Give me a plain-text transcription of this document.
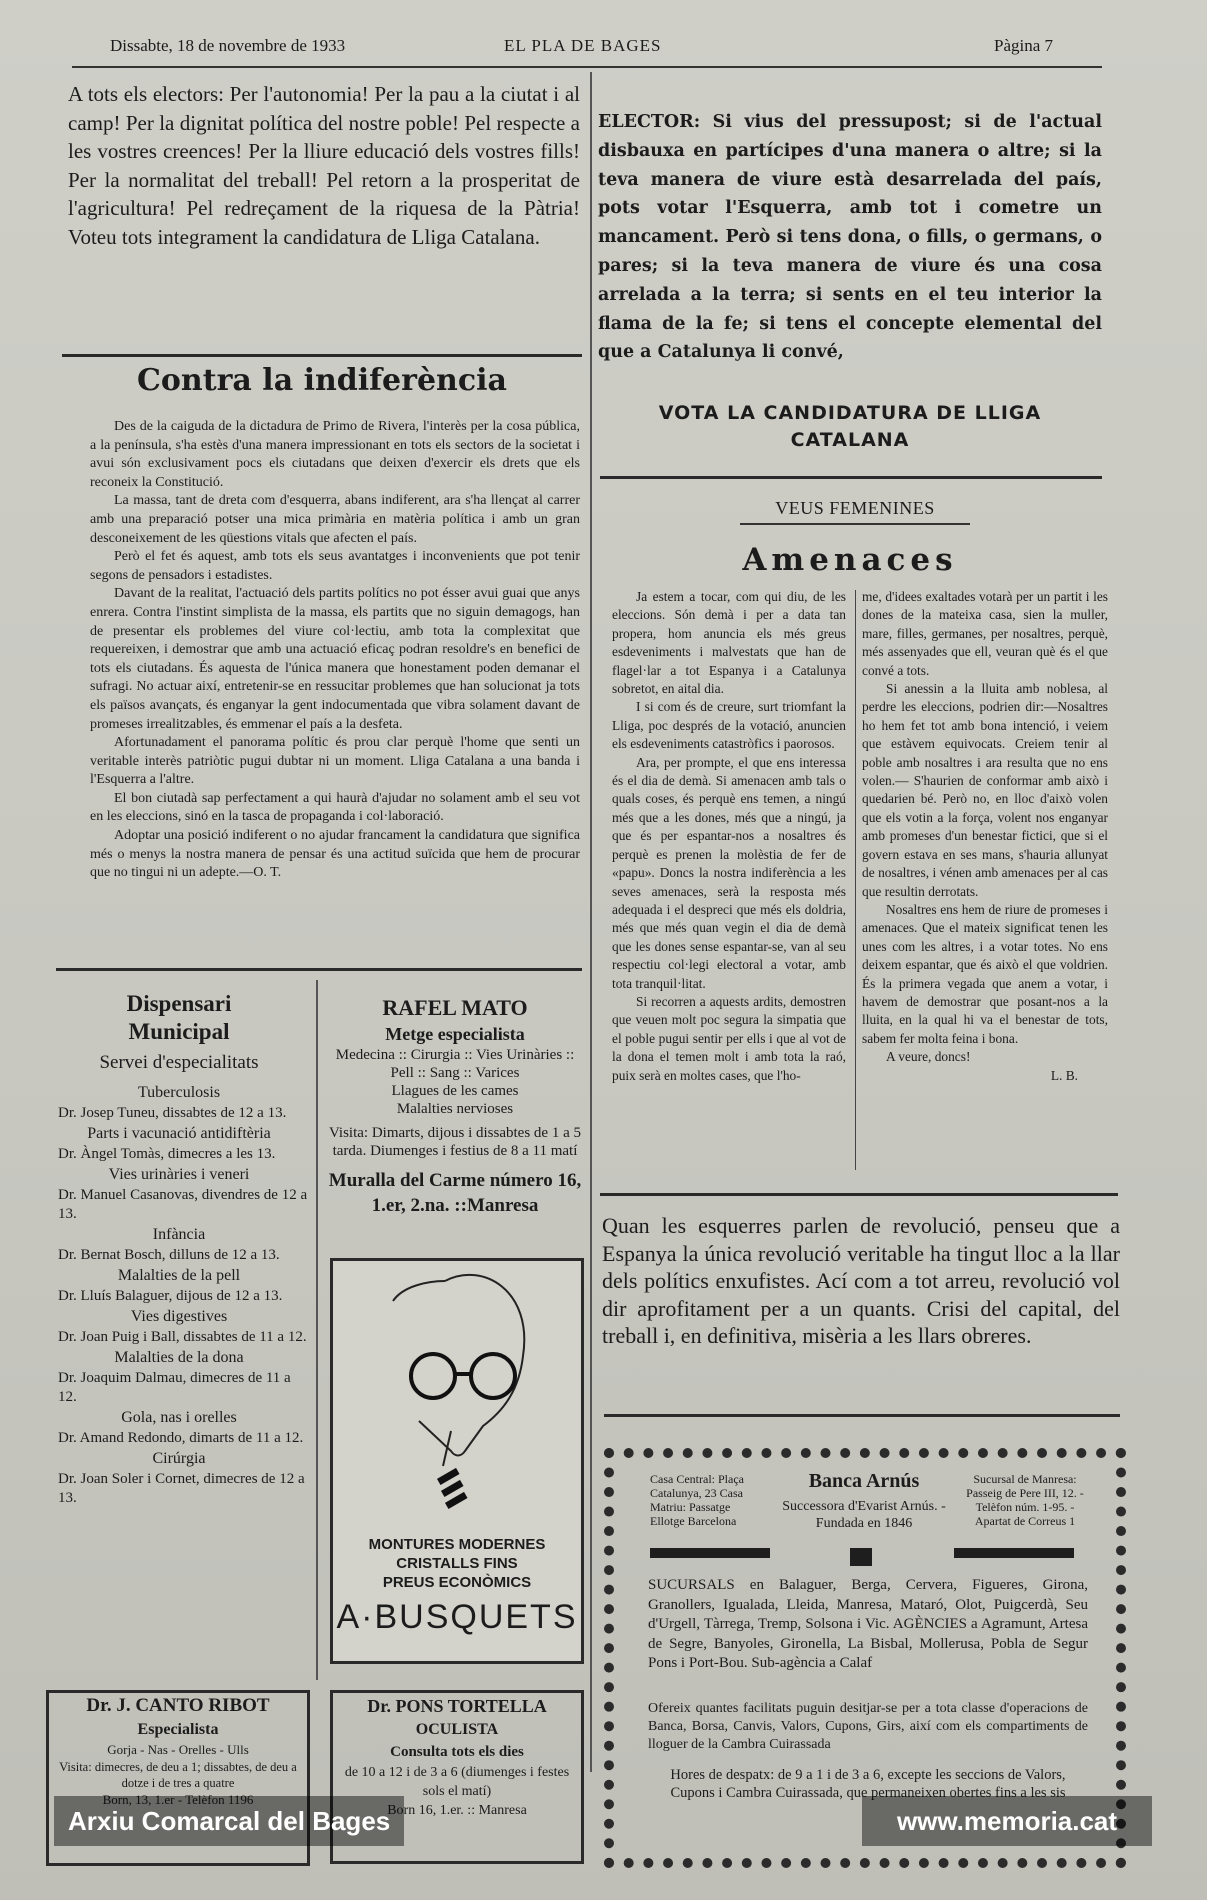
Dissabte, 18 de novembre de 1933	EL PLA DE BAGES	Pàgina 7
A tots els electors: Per l'autonomia! Per la pau a la ciutat i al camp! Per la dignitat política del nostre poble! Pel respecte a les vostres creences! Per la lliure educació dels vostres fills! Per la normalitat del treball! Pel retorn a la prosperitat de l'agricultura! Pel redreçament de la riquesa de la Pàtria! Voteu tots integrament la candidatura de Lliga Catalana.
ELECTOR: Si vius del pressupost; si de l'actual disbauxa en partícipes d'una manera o altre; si la teva manera de viure està desarrelada del país, pots votar l'Esquerra, amb tot i cometre un mancament. Però si tens dona, o fills, o germans, o pares; si la teva manera de viure és una cosa arrelada a la terra; si sents en el teu interior la flama de la fe; si tens el concepte elemental del que a Catalunya li convé,
VOTA LA CANDIDATURA DE LLIGA CATALANA
Contra la indiferència

Des de la caiguda de la dictadura de Primo de Rivera, l'interès per la cosa pública, a la península, s'ha estès d'una manera impressionant en tots els sectors de la societat i avui són exclusivament pocs els ciutadans que deixen d'exercir els drets que els reconeix la Constitució.

La massa, tant de dreta com d'esquerra, abans indiferent, ara s'ha llençat al carrer amb una preparació potser una mica primària en matèria política i amb un gran desconeixement de les qüestions vitals que afecten el país.

Però el fet és aquest, amb tots els seus avantatges i inconvenients que pot tenir segons de pensadors i estadistes.

Davant de la realitat, l'actuació dels partits polítics no pot ésser avui guai que anys enrera. Contra l'instint simplista de la massa, els partits que no siguin demagogs, han de presentar els problemes del viure col·lectiu, amb tota la complexitat que requereixen, i demostrar que amb una actuació eficaç podran resoldre's en benefici de tots els ciutadans. És aquesta de l'única manera que honestament poden demanar el sufragi. No actuar així, entretenir-se en ressucitar problemes que han solucionat ja tots els països avançats, és enganyar la gent indocumentada que vibra solament davant de promeses irrealitzables, és emmenar el país a la desfeta.

Afortunadament el panorama polític és prou clar perquè l'home que senti un veritable interès patriòtic pugui dubtar ni un moment. Lliga Catalana a una banda i l'Esquerra a l'altre.

El bon ciutadà sap perfectament a qui haurà d'ajudar no solament amb el seu vot en les eleccions, sinó en la tasca de propaganda i col·laboració.

Adoptar una posició indiferent o no ajudar francament la candidatura que significa més o menys la nostra manera de pensar és una actitud suïcida que hem de procurar que no tingui ni un adepte.—O. T.

VEUS FEMENINES
Amenaces

Ja estem a tocar, com qui diu, de les eleccions. Són demà i per a data tan propera, hom anuncia els més greus esdeveniments i malvestats que han de flagel·lar a tot Espanya i a Catalunya sobretot, en aital dia.

I si com és de creure, surt triomfant la Lliga, poc després de la votació, anuncien els esdeveniments catastròfics i paorosos.

Ara, per prompte, el que ens interessa és el dia de demà. Si amenacen amb tals o quals coses, és perquè ens temen, a ningú més que a les dones, més que a ningú, ja que és per espantar-nos a nosaltres és perquè es prenen la molèstia de fer de «papu». Doncs la nostra indiferència a les seves amenaces, serà la resposta més adequada i el despreci que més els doldria, més que més quan vegin el dia de demà que les dones sense espantar-se, van al seu respectiu col·legi electoral a votar, amb tota tranquil·litat.

Si recorren a aquests ardits, demostren que veuen molt poc segura la simpatia que el poble pugui sentir per ells i que al vot de la dona el temen molt i amb tota la raó, puix serà en moltes cases, que l'ho-

me, d'idees exaltades votarà per un partit i les dones de la mateixa casa, sien la muller, mare, filles, germanes, per nosaltres, perquè, més assenyades que ell, veuran què és el que convé a tots.

Si anessin a la lluita amb noblesa, al perdre les eleccions, podrien dir:—Nosaltres ho hem fet tot amb bona intenció, i veiem que estàvem equivocats. Creiem tenir al poble amb nosaltres i ara resulta que no ens volen.— S'haurien de conformar amb això i quedarien bé. Però no, en lloc d'això volen que els votin a la força, volent nos enganyar amb promeses d'un benestar fictici, que si el govern estava en ses mans, s'hauria allunyat de nosaltres, i vénen amb amenaces per al cas que resultin derrotats.

Nosaltres ens hem de riure de promeses i amenaces. Que el mateix significat tenen les unes com les altres, i a votar totes. No ens deixem espantar, que és això el que voldrien. És la primera vegada que anem a votar, i havem de demostrar que posant-nos a la lluita, en la qual hi va el benestar de tots, sabem fer molta feina i bona.

A veure, doncs!

L. B.

Quan les esquerres parlen de revolució, penseu que a Espanya la única revolució veritable ha tingut lloc a la llar dels polítics enxufistes. Ací com a tot arreu, revolució vol dir aprofitament per a un quants. Crisi del capital, del treball i, en definitiva, misèria a les llars obreres.
Dispensari
Municipal
Servei d'especialitats
Tuberculosis
Dr. Josep Tuneu, dissabtes de 12 a 13.
Parts i vacunació antidiftèria
Dr. Àngel Tomàs, dimecres a les 13.
Vies urinàries i veneri
Dr. Manuel Casanovas, divendres de 12 a 13.
Infància
Dr. Bernat Bosch, dilluns de 12 a 13.
Malalties de la pell
Dr. Lluís Balaguer, dijous de 12 a 13.
Vies digestives
Dr. Joan Puig i Ball, dissabtes de 11 a 12.
Malalties de la dona
Dr. Joaquim Dalmau, dimecres de 11 a 12.
Gola, nas i orelles
Dr. Amand Redondo, dimarts de 11 a 12.
Cirúrgia
Dr. Joan Soler i Cornet, dimecres de 12 a 13.
RAFEL MATO
Metge especialista
Medecina :: Cirurgia :: Vies Urinàries :: Pell :: Sang :: Varices
Llagues de les cames
Malalties nervioses
Visita: Dimarts, dijous i dissabtes de 1 a 5 tarda. Diumenges i festius de 8 a 11 matí
Muralla del Carme número 16, 1.er, 2.na. ::Manresa
MONTURES MODERNES
CRISTALLS FINS
PREUS ECONÒMICS
A·BUSQUETS
Dr. J. CANTO RIBOT
Especialista
Gorja - Nas - Orelles - Ulls
Visita: dimecres, de deu a 1; dissabtes, de deu a dotze i de tres a quatre
Born, 13, 1.er - Telèfon 1196
Dr. PONS TORTELLA
OCULISTA
Consulta tots els dies
de 10 a 12 i de 3 a 6 (diumenges i festes sols el matí)
Born 16, 1.er. :: Manresa
Casa Central: Plaça Catalunya, 23 Casa Matriu: Passatge Ellotge Barcelona
Banca Arnús
Successora d'Evarist Arnús. - Fundada en 1846
Sucursal de Manresa: Passeig de Pere III, 12. - Telèfon núm. 1-95. - Apartat de Correus 1
SUCURSALS en Balaguer, Berga, Cervera, Figueres, Girona, Granollers, Igualada, Lleida, Manresa, Mataró, Olot, Puigcerdà, Seu d'Urgell, Tàrrega, Tremp, Solsona i Vic. AGÈNCIES a Agramunt, Artesa de Segre, Banyoles, Gironella, La Bisbal, Mollerusa, Pobla de Segur Pons i Port-Bou. Sub-agència a Calaf
Ofereix quantes facilitats puguin desitjar-se per a tota classe d'operacions de Banca, Borsa, Canvis, Valors, Cupons, Girs, així com els compartiments de lloguer de la Cambra Cuirassada
Hores de despatx: de 9 a 1 i de 3 a 6, excepte les seccions de Valors, Cupons i Cambra Cuirassada, que permaneixen obertes fins a les sis
Arxiu Comarcal del Bages	www.memoria.cat
